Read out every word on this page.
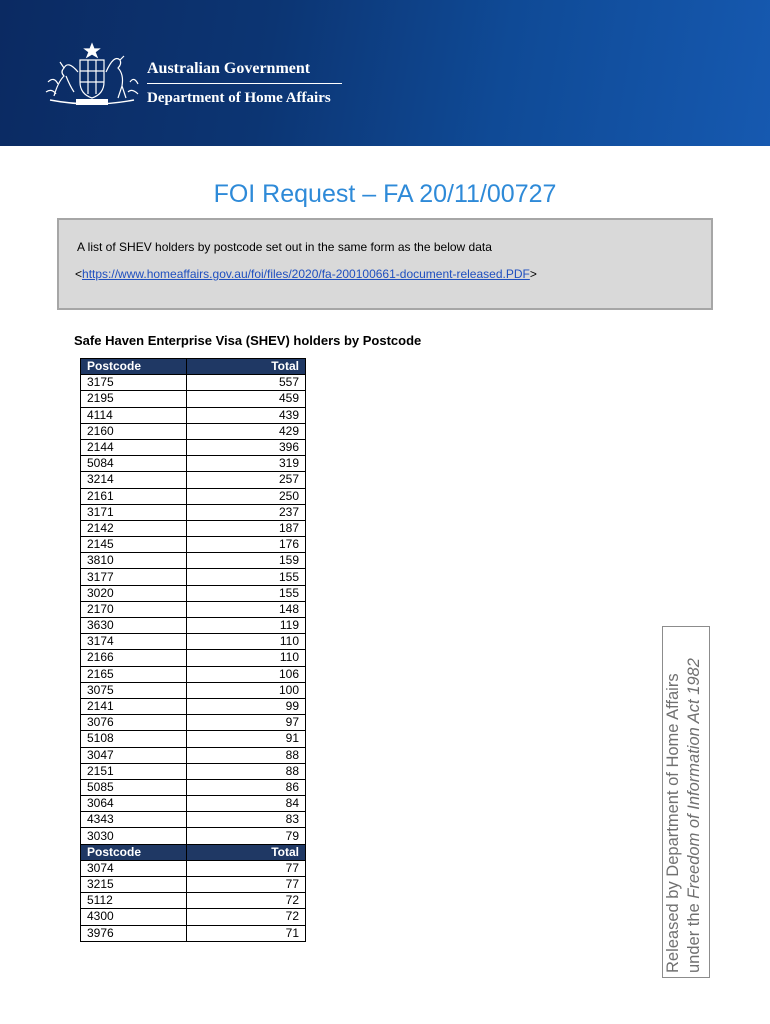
Australian Government
Department of Home Affairs
FOI Request – FA 20/11/00727
A list of SHEV holders by postcode set out in the same form as the below data
<https://www.homeaffairs.gov.au/foi/files/2020/fa-200100661-document-released.PDF>
Safe Haven Enterprise Visa (SHEV) holders by Postcode
Postcode	Total
3175	557
2195	459
4114	439
2160	429
2144	396
5084	319
3214	257
2161	250
3171	237
2142	187
2145	176
3810	159
3177	155
3020	155
2170	148
3630	119
3174	110
2166	110
2165	106
3075	100
2141	99
3076	97
5108	91
3047	88
2151	88
5085	86
3064	84
4343	83
3030	79
Postcode	Total
3074	77
3215	77
5112	72
4300	72
3976	71	Released by Department of Home Affairs under the Freedom of Information Act 1982
